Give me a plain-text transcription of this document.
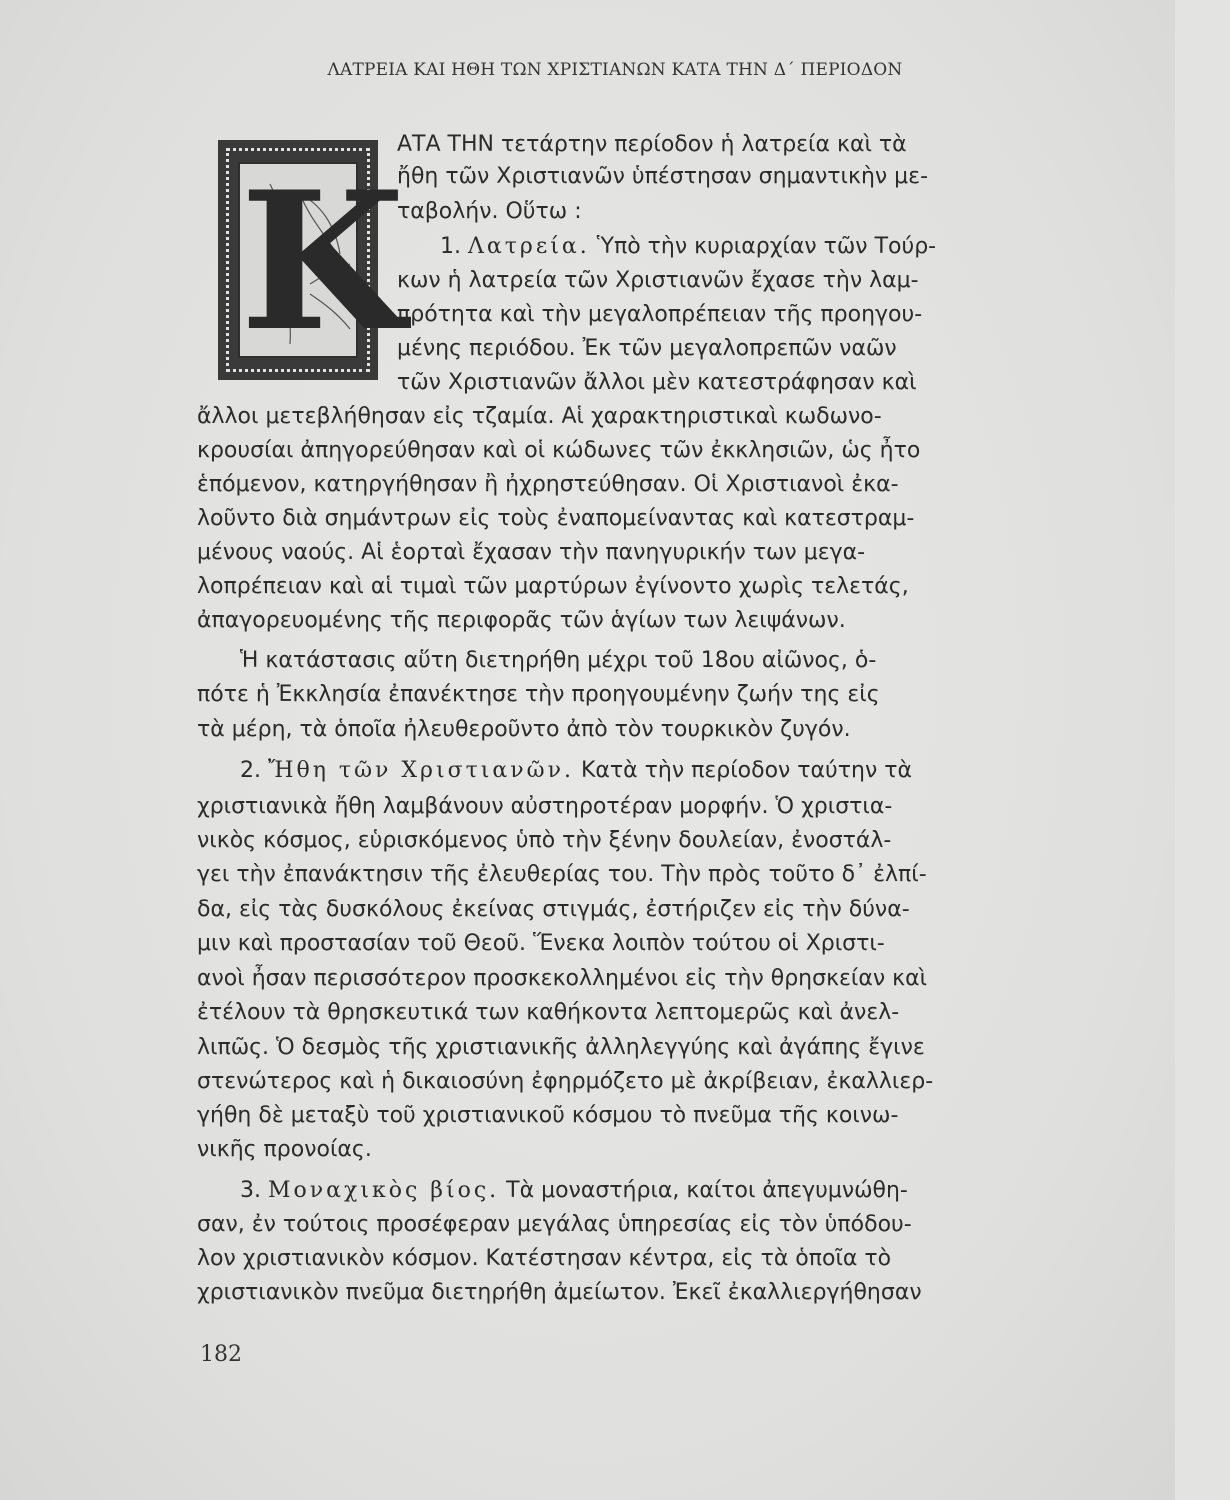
ΛΑΤΡΕΙΑ ΚΑΙ ΗΘΗ ΤΩΝ ΧΡΙΣΤΙΑΝΩΝ ΚΑΤΑ ΤΗΝ Δ΄ ΠΕΡΙΟΔΟΝ
K
ΑΤΑ ΤΗΝ τετάρτην περίοδον ἡ λατρεία καὶ τὰ
ἤθη τῶν Χριστιανῶν ὑπέστησαν σημαντικὴν με-
ταβολήν. Οὕτω :
1. Λατρεία. Ὑπὸ τὴν κυριαρχίαν τῶν Τούρ-
κων ἡ λατρεία τῶν Χριστιανῶν ἔχασε τὴν λαμ-
πρότητα καὶ τὴν μεγαλοπρέπειαν τῆς προηγου-
μένης περιόδου. Ἐκ τῶν μεγαλοπρεπῶν ναῶν
τῶν Χριστιανῶν ἄλλοι μὲν κατεστράφησαν καὶ
ἄλλοι μετεβλήθησαν εἰς τζαμία. Αἱ χαρακτηριστικαὶ κωδωνο-
κρουσίαι ἀπηγορεύθησαν καὶ οἱ κώδωνες τῶν ἐκκλησιῶν, ὡς ἦτο
ἑπόμενον, κατηργήθησαν ἢ ἠχρηστεύθησαν. Οἱ Χριστιανοὶ ἐκα-
λοῦντο διὰ σημάντρων εἰς τοὺς ἐναπομείναντας καὶ κατεστραμ-
μένους ναούς. Αἱ ἑορταὶ ἔχασαν τὴν πανηγυρικήν των μεγα-
λοπρέπειαν καὶ αἱ τιμαὶ τῶν μαρτύρων ἐγίνοντο χωρὶς τελετάς,
ἀπαγορευομένης τῆς περιφορᾶς τῶν ἁγίων των λειψάνων.
Ἡ κατάστασις αὕτη διετηρήθη μέχρι τοῦ 18ου αἰῶνος, ὁ-
πότε ἡ Ἐκκλησία ἐπανέκτησε τὴν προηγουμένην ζωήν της εἰς
τὰ μέρη, τὰ ὁποῖα ἠλευθεροῦντο ἀπὸ τὸν τουρκικὸν ζυγόν.
2. Ἤθη τῶν Χριστιανῶν. Κατὰ τὴν περίοδον ταύτην τὰ
χριστιανικὰ ἤθη λαμβάνουν αὐστηροτέραν μορφήν. Ὁ χριστια-
νικὸς κόσμος, εὑρισκόμενος ὑπὸ τὴν ξένην δουλείαν, ἐνοστάλ-
γει τὴν ἐπανάκτησιν τῆς ἐλευθερίας του. Τὴν πρὸς τοῦτο δ᾿ ἐλπί-
δα, εἰς τὰς δυσκόλους ἐκείνας στιγμάς, ἐστήριζεν εἰς τὴν δύνα-
μιν καὶ προστασίαν τοῦ Θεοῦ. Ἕνεκα λοιπὸν τούτου οἱ Χριστι-
ανοὶ ἦσαν περισσότερον προσκεκολλημένοι εἰς τὴν θρησκείαν καὶ
ἐτέλουν τὰ θρησκευτικά των καθήκοντα λεπτομερῶς καὶ ἀνελ-
λιπῶς. Ὁ δεσμὸς τῆς χριστιανικῆς ἀλληλεγγύης καὶ ἀγάπης ἔγινε
στενώτερος καὶ ἡ δικαιοσύνη ἐφηρμόζετο μὲ ἀκρίβειαν, ἐκαλλιερ-
γήθη δὲ μεταξὺ τοῦ χριστιανικοῦ κόσμου τὸ πνεῦμα τῆς κοινω-
νικῆς προνοίας.
3. Μοναχικὸς βίος. Τὰ μοναστήρια, καίτοι ἀπεγυμνώθη-
σαν, ἐν τούτοις προσέφεραν μεγάλας ὑπηρεσίας εἰς τὸν ὑπόδου-
λον χριστιανικὸν κόσμον. Κατέστησαν κέντρα, εἰς τὰ ὁποῖα τὸ
χριστιανικὸν πνεῦμα διετηρήθη ἀμείωτον. Ἐκεῖ ἐκαλλιεργήθησαν
182
